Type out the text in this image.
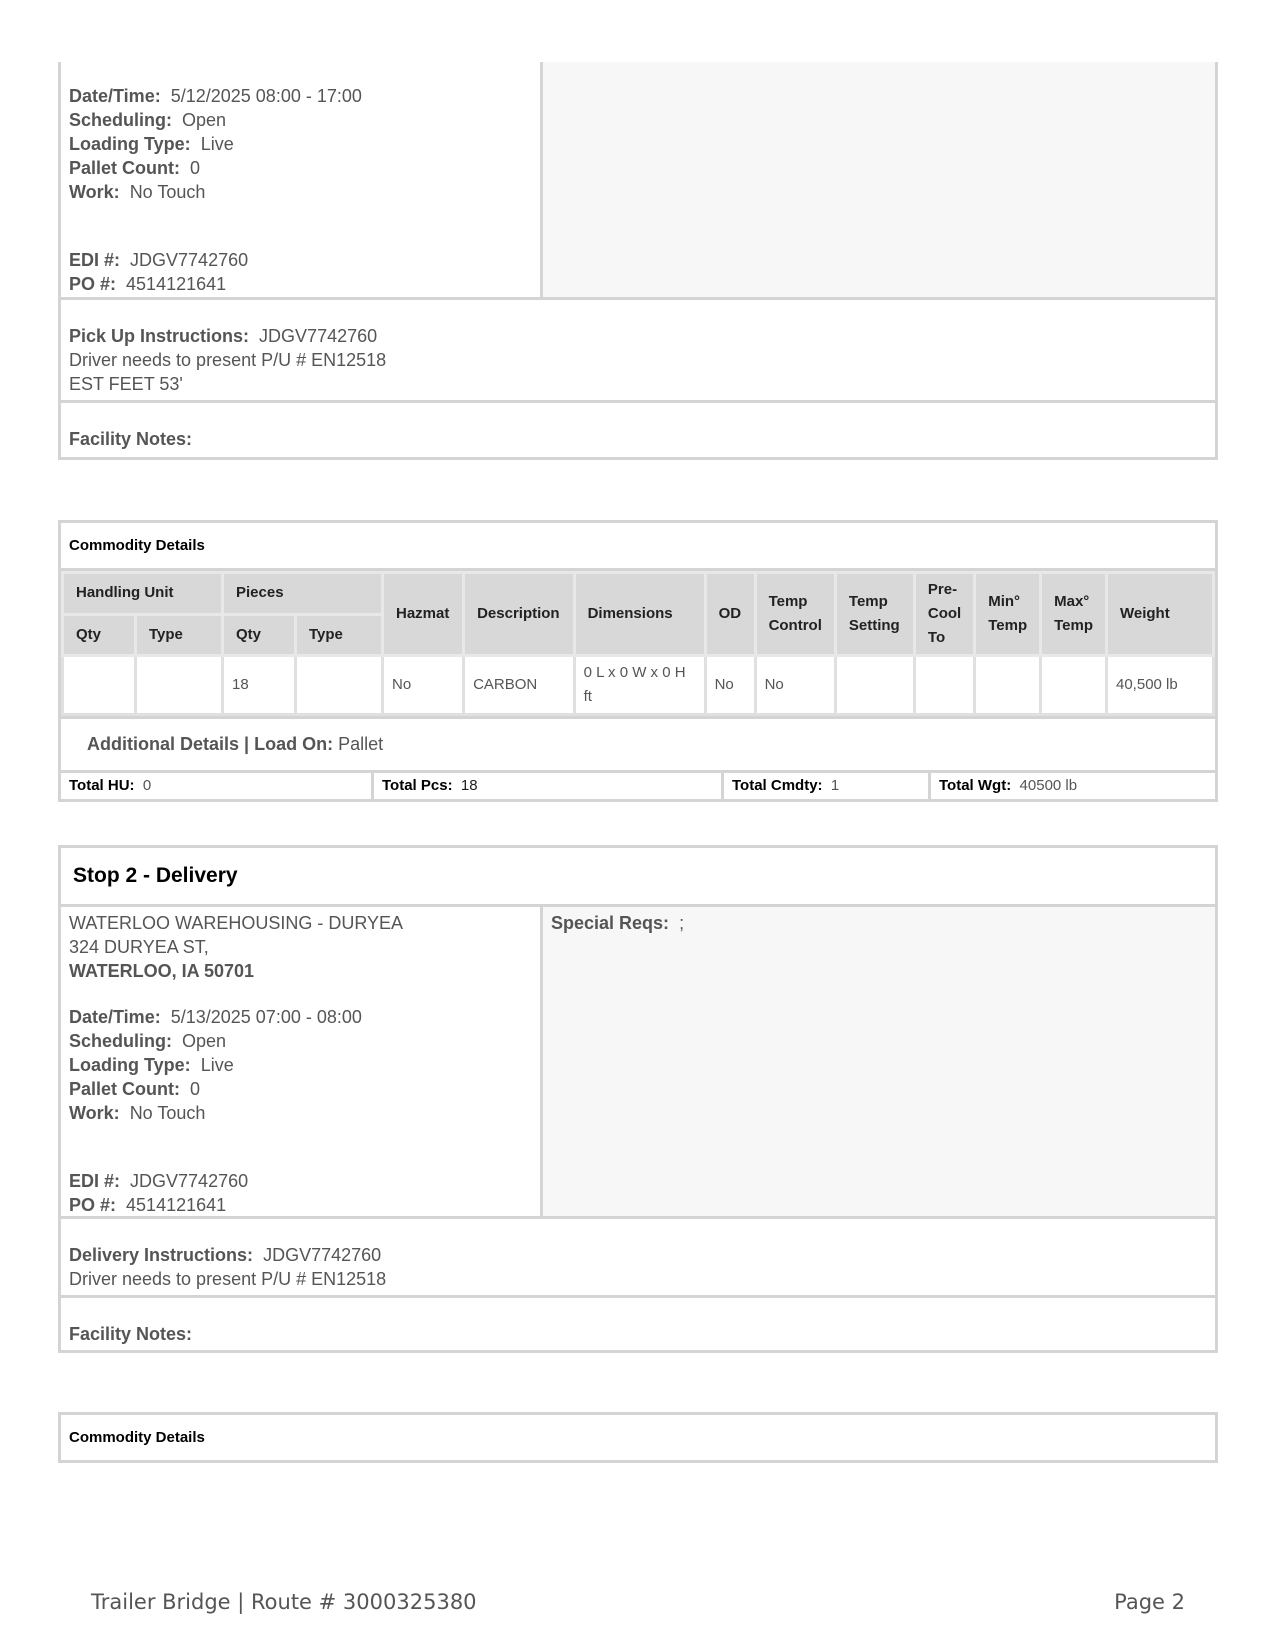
Date/Time: 5/12/2025 08:00 - 17:00
Scheduling: Open
Loading Type: Live
Pallet Count: 0
Work: No Touch
EDI #: JDGV7742760
PO #: 4514121641
Pick Up Instructions: JDGV7742760
Driver needs to present P/U # EN12518
EST FEET 53'
Facility Notes:
Commodity Details
Handling Unit		Pieces		Hazmat	Description	Dimensions	OD	Temp Control	Temp Setting	Pre-Cool To	Min° Temp	Max° Temp	Weight
Qty	Type	Qty	Type										
		18		No	CARBON	0 L x 0 W x 0 H ft	No	No					40,500 lb
Additional Details | Load On: Pallet
Total HU: 0	Total Pcs: 18	Total Cmdty: 1	Total Wgt: 40500 lb
Stop 2 - Delivery
WATERLOO WAREHOUSING - DURYEA
324 DURYEA ST,
WATERLOO, IA 50701
Date/Time: 5/13/2025 07:00 - 08:00
Scheduling: Open
Loading Type: Live
Pallet Count: 0
Work: No Touch
EDI #: JDGV7742760
PO #: 4514121641
Special Reqs: ;
Delivery Instructions: JDGV7742760
Driver needs to present P/U # EN12518
Facility Notes:
Commodity Details
Trailer Bridge | Route # 3000325380	Page 2
